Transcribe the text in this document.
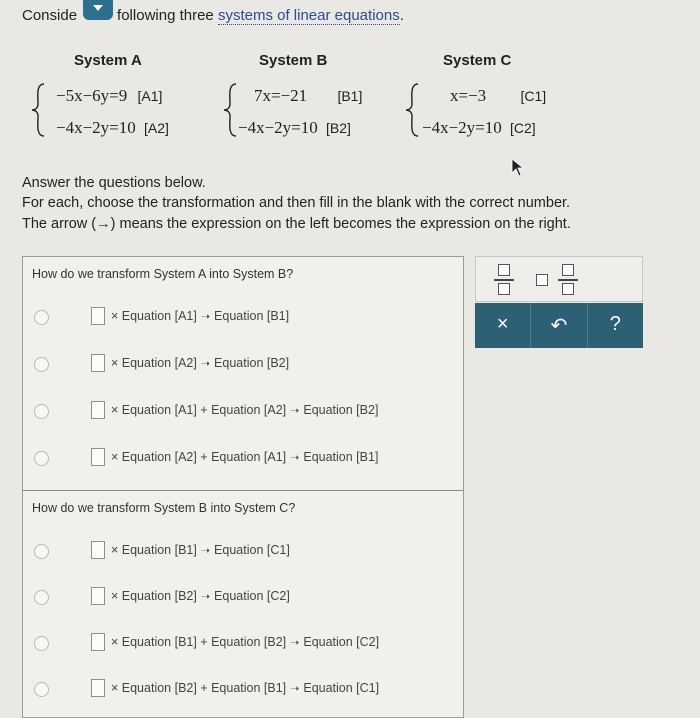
Conside	following three systems of linear equations.
System A	System B	System C
−5x−6y=9 [A1]
−4x−2y=10 [A2]
7x=−21 [B1]
−4x−2y=10 [B2]
x=−3 [C1]
−4x−2y=10 [C2]
Answer the questions below.
For each, choose the transformation and then fill in the blank with the correct number.
The arrow (→) means the expression on the left becomes the expression on the right.
How do we transform System A into System B?
× Equation [A1] ➝ Equation [B1]
× Equation [A2] ➝ Equation [B2]
× Equation [A1] + Equation [A2] ➝ Equation [B2]
× Equation [A2] + Equation [A1] ➝ Equation [B1]
How do we transform System B into System C?
× Equation [B1] ➝ Equation [C1]
× Equation [B2] ➝ Equation [C2]
× Equation [B1] + Equation [B2] ➝ Equation [C2]
× Equation [B2] + Equation [B1] ➝ Equation [C1]
×	↶	?
